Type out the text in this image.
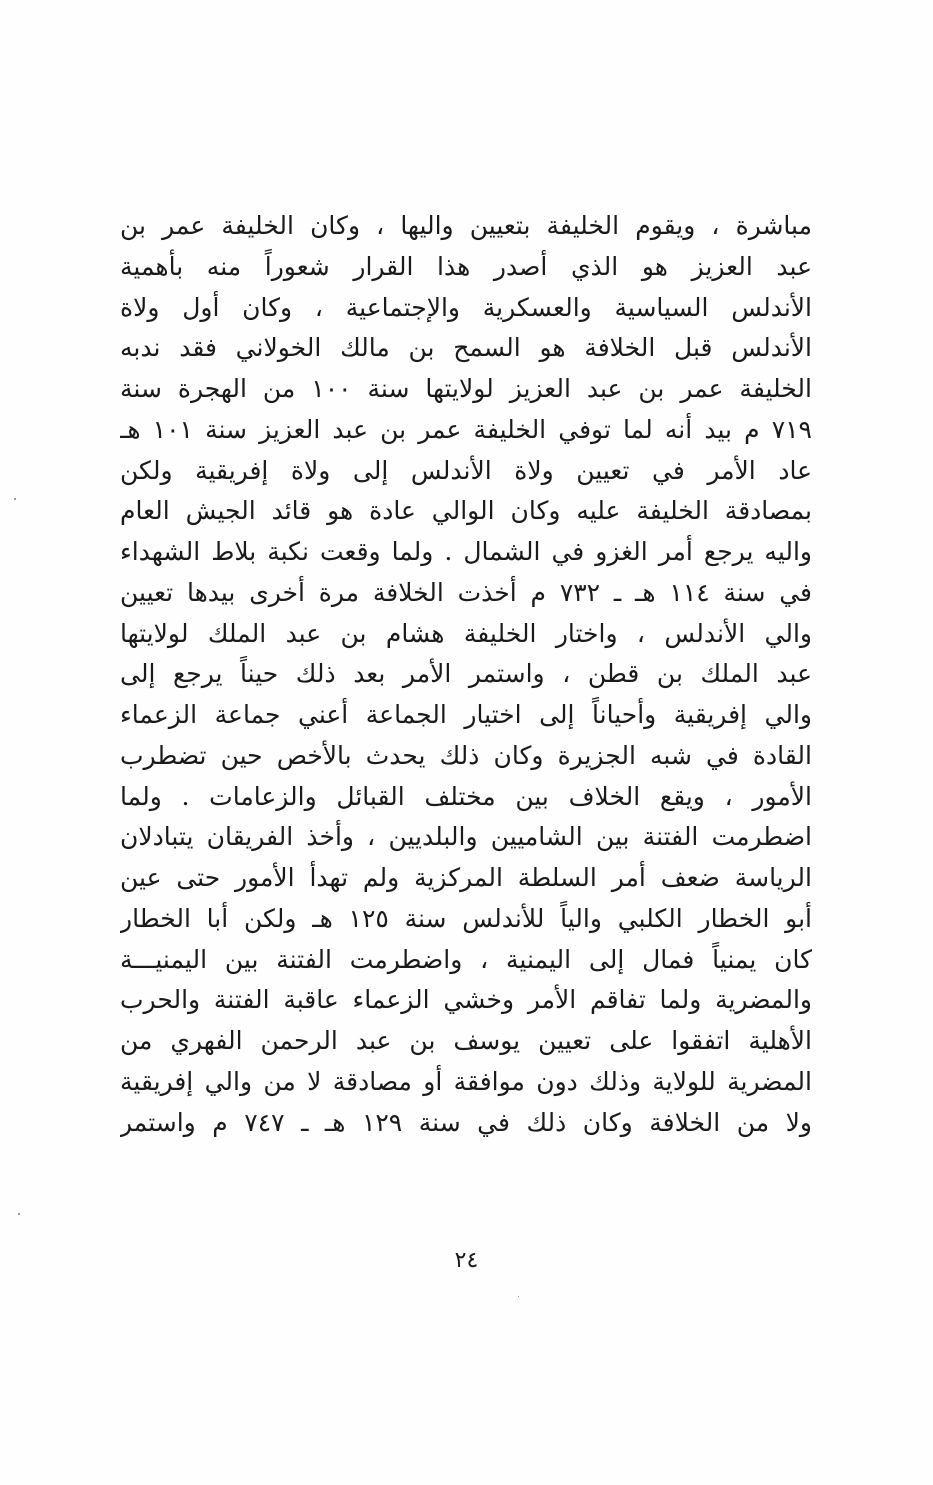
مباشرة ، ويقوم الخليفة بتعيين واليها ، وكان الخليفة عمر بن
عبد العزيز هو الذي أصدر هذا القرار شعوراً منه بأهمية
الأندلس السياسية والعسكرية والإجتماعية ، وكان أول ولاة
الأندلس قبل الخلافة هو السمح بن مالك الخولاني فقد ندبه
الخليفة عمر بن عبد العزيز لولايتها سنة ١٠٠ من الهجرة سنة
٧١٩ م بيد أنه لما توفي الخليفة عمر بن عبد العزيز سنة ١٠١ هـ
عاد الأمر في تعيين ولاة الأندلس إلى ولاة إفريقية ولكن
بمصادقة الخليفة عليه وكان الوالي عادة هو قائد الجيش العام
واليه يرجع أمر الغزو في الشمال . ولما وقعت نكبة بلاط الشهداء
في سنة ١١٤ هـ ـ ٧٣٢ م أخذت الخلافة مرة أخرى بيدها تعيين
والي الأندلس ، واختار الخليفة هشام بن عبد الملك لولايتها
عبد الملك بن قطن ، واستمر الأمر بعد ذلك حيناً يرجع إلى
والي إفريقية وأحياناً إلى اختيار الجماعة أعني جماعة الزعماء
القادة في شبه الجزيرة وكان ذلك يحدث بالأخص حين تضطرب
الأمور ، ويقع الخلاف بين مختلف القبائل والزعامات . ولما
اضطرمت الفتنة بين الشاميين والبلديين ، وأخذ الفريقان يتبادلان
الرياسة ضعف أمر السلطة المركزية ولم تهدأ الأمور حتى عين
أبو الخطار الكلبي والياً للأندلس سنة ١٢٥ هـ ولكن أبا الخطار
كان يمنياً فمال إلى اليمنية ، واضطرمت الفتنة بين اليمنيـــة
والمضرية ولما تفاقم الأمر وخشي الزعماء عاقبة الفتنة والحرب
الأهلية اتفقوا على تعيين يوسف بن عبد الرحمن الفهري من
المضرية للولاية وذلك دون موافقة أو مصادقة لا من والي إفريقية
ولا من الخلافة وكان ذلك في سنة ١٢٩ هـ ـ ٧٤٧ م واستمر
٢٤
